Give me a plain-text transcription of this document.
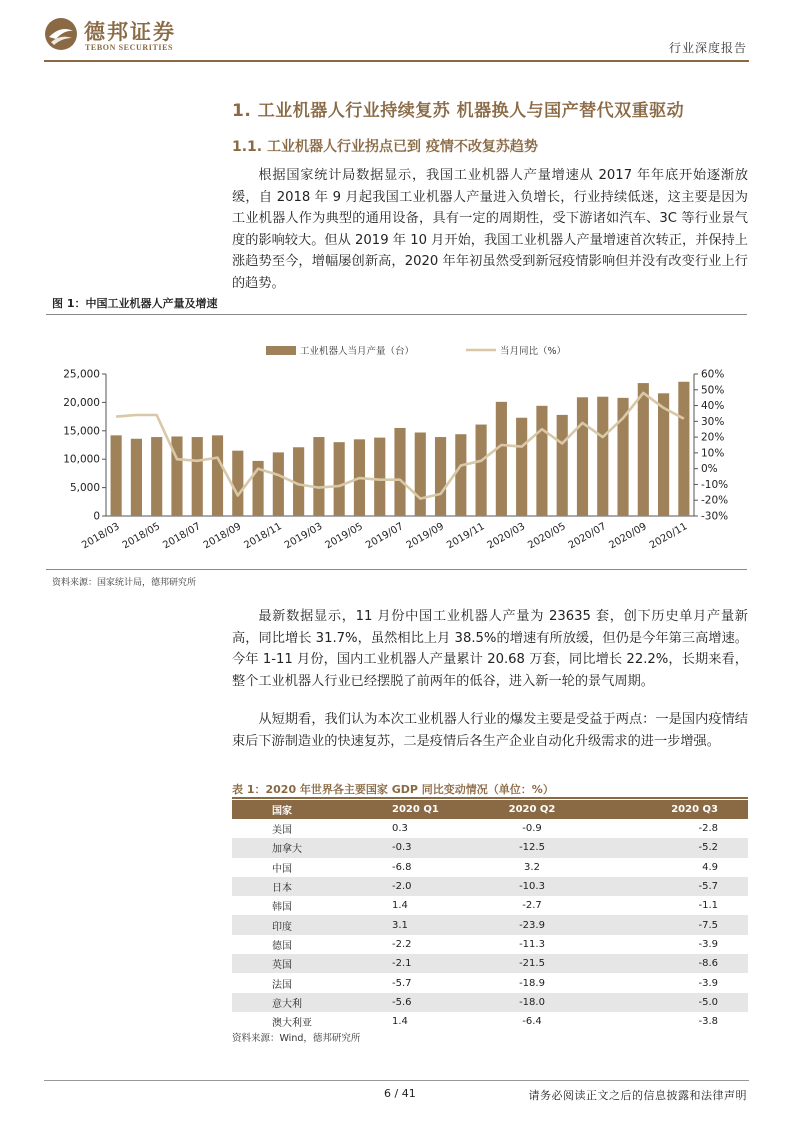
德邦证券
TEBON SECURITIES	行业深度报告
1. 工业机器人行业持续复苏 机器换人与国产替代双重驱动
1.1. 工业机器人行业拐点已到 疫情不改复苏趋势

根据国家统计局数据显示，我国工业机器人产量增速从 2017 年年底开始逐渐放缓，自 2018 年 9 月起我国工业机器人产量进入负增长，行业持续低迷，这主要是因为工业机器人作为典型的通用设备，具有一定的周期性，受下游诸如汽车、3C 等行业景气度的影响较大。但从 2019 年 10 月开始，我国工业机器人产量增速首次转正，并保持上涨趋势至今，增幅屡创新高，2020 年年初虽然受到新冠疫情影响但并没有改变行业上行的趋势。

图 1：中国工业机器人产量及增速
工业机器人当月产量（台）	当月同比（%）
0
5,000
10,000
15,000
20,000
25,000
-30%
-20%
-10%
0%
10%
20%
30%
40%
50%
60%
2018/03 2018/05 2018/07 2018/09 2018/11 2019/03 2019/05 2019/07 2019/09 2019/11 2020/03 2020/05 2020/07 2020/09 2020/11
资料来源：国家统计局，德邦研究所

最新数据显示，11 月份中国工业机器人产量为 23635 套，创下历史单月产量新高，同比增长 31.7%，虽然相比上月 38.5%的增速有所放缓，但仍是今年第三高增速。今年 1-11 月份，国内工业机器人产量累计 20.68 万套，同比增长 22.2%，长期来看，整个工业机器人行业已经摆脱了前两年的低谷，进入新一轮的景气周期。

从短期看，我们认为本次工业机器人行业的爆发主要是受益于两点：一是国内疫情结束后下游制造业的快速复苏，二是疫情后各生产企业自动化升级需求的进一步增强。

表 1：2020 年世界各主要国家 GDP 同比变动情况（单位：%）
国家	2020 Q1	2020 Q2	2020 Q3
美国	0.3	-0.9	-2.8
加拿大	-0.3	-12.5	-5.2
中国	-6.8	3.2	4.9
日本	-2.0	-10.3	-5.7
韩国	1.4	-2.7	-1.1
印度	3.1	-23.9	-7.5
德国	-2.2	-11.3	-3.9
英国	-2.1	-21.5	-8.6
法国	-5.7	-18.9	-3.9
意大利	-5.6	-18.0	-5.0
澳大利亚	1.4	-6.4	-3.8
资料来源：Wind，德邦研究所
6 / 41	请务必阅读正文之后的信息披露和法律声明
